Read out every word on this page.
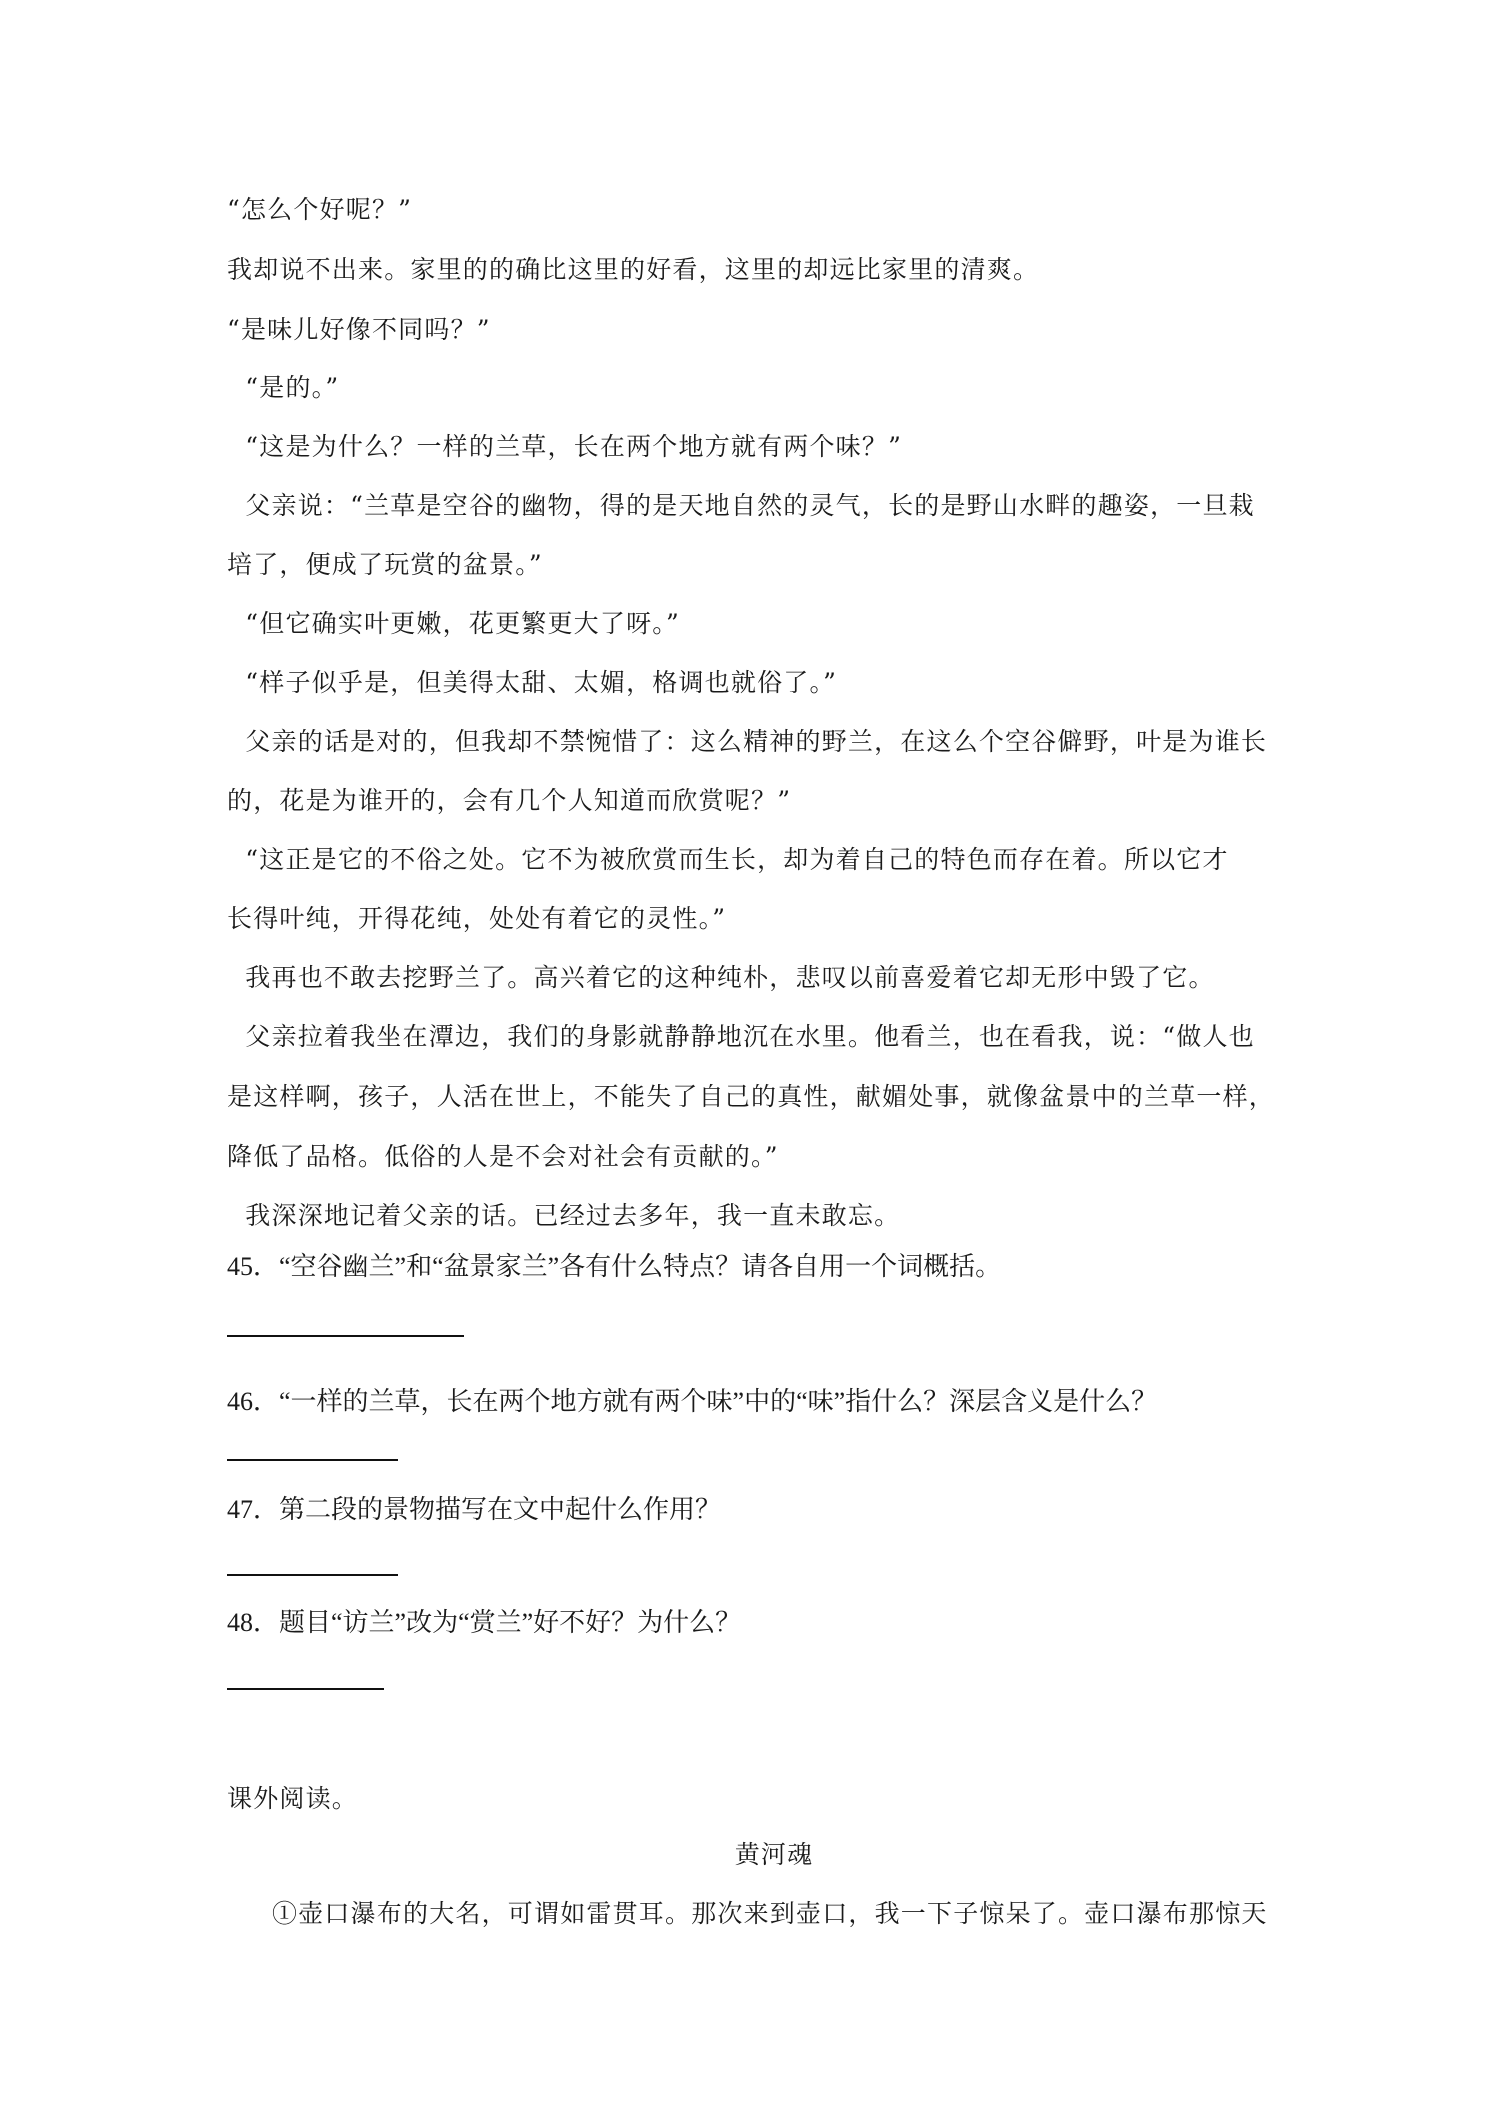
“怎么个好呢？”
我却说不出来。家里的的确比这里的好看，这里的却远比家里的清爽。
“是味儿好像不同吗？”
“是的。”
“这是为什么？一样的兰草，长在两个地方就有两个味？”
父亲说：“兰草是空谷的幽物，得的是天地自然的灵气，长的是野山水畔的趣姿，一旦栽
培了，便成了玩赏的盆景。”
“但它确实叶更嫩，花更繁更大了呀。”
“样子似乎是，但美得太甜、太媚，格调也就俗了。”
父亲的话是对的，但我却不禁惋惜了：这么精神的野兰，在这么个空谷僻野，叶是为谁长
的，花是为谁开的，会有几个人知道而欣赏呢？”
“这正是它的不俗之处。它不为被欣赏而生长，却为着自己的特色而存在着。所以它才
长得叶纯，开得花纯，处处有着它的灵性。”
我再也不敢去挖野兰了。高兴着它的这种纯朴，悲叹以前喜爱着它却无形中毁了它。
父亲拉着我坐在潭边，我们的身影就静静地沉在水里。他看兰，也在看我，说：“做人也
是这样啊，孩子，人活在世上，不能失了自己的真性，献媚处事，就像盆景中的兰草一样，
降低了品格。低俗的人是不会对社会有贡献的。”
我深深地记着父亲的话。已经过去多年，我一直未敢忘。
45．“空谷幽兰”和“盆景家兰”各有什么特点？请各自用一个词概括。
46．“一样的兰草，长在两个地方就有两个味”中的“味”指什么？深层含义是什么？
47．第二段的景物描写在文中起什么作用？
48．题目“访兰”改为“赏兰”好不好？为什么？
课外阅读。
黄河魂
①壶口瀑布的大名，可谓如雷贯耳。那次来到壶口，我一下子惊呆了。壶口瀑布那惊天
